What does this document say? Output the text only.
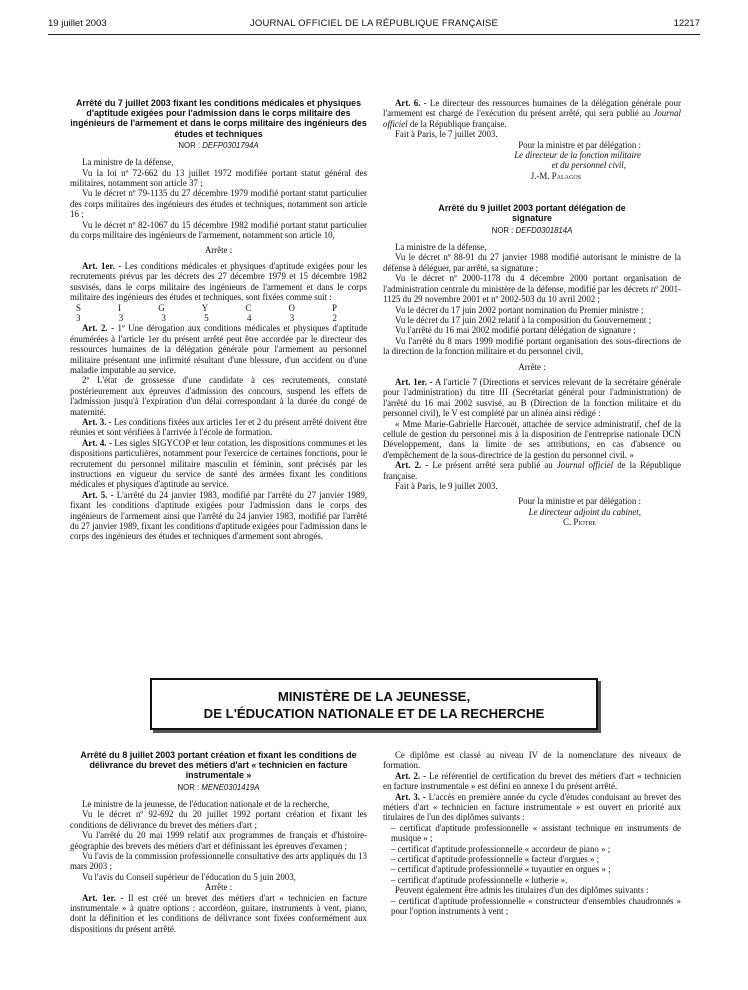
19 juillet 2003	JOURNAL OFFICIEL DE LA RÉPUBLIQUE FRANÇAISE	12217
Arrêté du 7 juillet 2003 fixant les conditions médicales et physiques d'aptitude exigées pour l'admission dans le corps militaire des ingénieurs de l'armement et dans le corps militaire des ingénieurs des études et techniques
NOR : DEFP0301794A

La ministre de la défense,

Vu la loi nº 72-662 du 13 juillet 1972 modifiée portant statut général des militaires, notamment son article 37 ;

Vu le décret nº 79-1135 du 27 décembre 1979 modifié portant statut particulier des corps militaires des ingénieurs des études et techniques, notamment son article 16 ;

Vu le décret nº 82-1067 du 15 décembre 1982 modifié portant statut particulier du corps militaire des ingénieurs de l'armement, notamment son article 10,

Arrête :

Art. 1er. - Les conditions médicales et physiques d'aptitude exigées pour les recrutements prévus par les décrets des 27 décembre 1979 et 15 décembre 1982 susvisés, dans le corps militaire des ingénieurs de l'armement et dans le corps militaire des ingénieurs des études et techniques, sont fixées comme suit :

S	I	G	Y	C	O	P
3	3	3	5	4	3	2

Art. 2. - 1º Une dérogation aux conditions médicales et physiques d'aptitude énumérées à l'article 1er du présent arrêté peut être accordée par le directeur des ressources humaines de la délégation générale pour l'armement au personnel militaire présentant une infirmité résultant d'une blessure, d'un accident ou d'une maladie imputable au service.

2º L'état de grossesse d'une candidate à ces recrutements, constaté postérieurement aux épreuves d'admission des concours, suspend les effets de l'admission jusqu'à l'expiration d'un délai correspondant à la durée du congé de maternité.

Art. 3. - Les conditions fixées aux articles 1er et 2 du présent arrêté doivent être réunies et sont vérifiées à l'arrivée à l'école de formation.

Art. 4. - Les sigles SIGYCOP et leur cotation, les dispositions communes et les dispositions particulières, notamment pour l'exercice de certaines fonctions, pour le recrutement du personnel militaire masculin et féminin, sont précisés par les instructions en vigueur du service de santé des armées fixant les conditions médicales et physiques d'aptitude au service.

Art. 5. - L'arrêté du 24 janvier 1983, modifié par l'arrêté du 27 janvier 1989, fixant les conditions d'aptitude exigées pour l'admission dans le corps des ingénieurs de l'armement ainsi que l'arrêté du 24 janvier 1983, modifié par l'arrêté du 27 janvier 1989, fixant les conditions d'aptitude exigées pour l'admission dans le corps des ingénieurs des études et techniques d'armement sont abrogés.

Art. 6. - Le directeur des ressources humaines de la délégation générale pour l'armement est chargé de l'exécution du présent arrêté, qui sera publié au Journal officiel de la République française.

Fait à Paris, le 7 juillet 2003.

Pour la ministre et par délégation :

Le directeur de la fonction militaire

et du personnel civil,

J.-M. Palagos

Arrêté du 9 juillet 2003 portant délégation de signature
NOR : DEFD0301814A

La ministre de la défense,

Vu le décret nº 88-91 du 27 janvier 1988 modifié autorisant le ministre de la défense à déléguer, par arrêté, sa signature ;

Vu le décret nº 2000-1178 du 4 décembre 2000 portant organisation de l'administration centrale du ministère de la défense, modifié par les décrets nº 2001-1125 du 29 novembre 2001 et nº 2002-503 du 10 avril 2002 ;

Vu le décret du 17 juin 2002 portant nomination du Premier ministre ;

Vu le décret du 17 juin 2002 relatif à la composition du Gouvernement ;

Vu l'arrêté du 16 mai 2002 modifié portant délégation de signature ;

Vu l'arrêté du 8 mars 1999 modifié portant organisation des sous-directions de la direction de la fonction militaire et du personnel civil,

Arrête :

Art. 1er. - A l'article 7 (Directions et services relevant de la secrétaire générale pour l'administration) du titre III (Secrétariat général pour l'administration) de l'arrêté du 16 mai 2002 susvisé, au B (Direction de la fonction militaire et du personnel civil), le V est complété par un alinéa ainsi rédigé :

« Mme Marie-Gabrielle Harcouët, attachée de service administratif, chef de la cellule de gestion du personnel mis à la disposition de l'entreprise nationale DCN Développement, dans la limite de ses attributions, en cas d'absence ou d'empêchement de la sous-directrice de la gestion du personnel civil. »

Art. 2. - Le présent arrêté sera publié au Journal officiel de la République française.

Fait à Paris, le 9 juillet 2003.

Pour la ministre et par délégation :

Le directeur adjoint du cabinet,

C. Piotre

MINISTÈRE DE LA JEUNESSE,
DE L'ÉDUCATION NATIONALE ET DE LA RECHERCHE
Arrêté du 8 juillet 2003 portant création et fixant les conditions de délivrance du brevet des métiers d'art « technicien en facture instrumentale »
NOR : MENE0301419A

Le ministre de la jeunesse, de l'éducation nationale et de la recherche,

Vu le décret nº 92-692 du 20 juillet 1992 portant création et fixant les conditions de délivrance du brevet des métiers d'art ;

Vu l'arrêté du 20 mai 1999 relatif aux programmes de français et d'histoire-géographie des brevets des métiers d'art et définissant les épreuves d'examen ;

Vu l'avis de la commission professionnelle consultative des arts appliqués du 13 mars 2003 ;

Vu l'avis du Conseil supérieur de l'éducation du 5 juin 2003,

Arrête :

Art. 1er. - Il est créé un brevet des métiers d'art « technicien en facture instrumentale » à quatre options : accordéon, guitare, instruments à vent, piano, dont la définition et les conditions de délivrance sont fixées conformément aux dispositions du présent arrêté.

Ce diplôme est classé au niveau IV de la nomenclature des niveaux de formation.

Art. 2. - Le référentiel de certification du brevet des métiers d'art « technicien en facture instrumentale » est défini en annexe I du présent arrêté.

Art. 3. - L'accès en première année du cycle d'études conduisant au brevet des métiers d'art « technicien en facture instrumentale » est ouvert en priorité aux titulaires de l'un des diplômes suivants :

– certificat d'aptitude professionnelle « assistant technique en instruments de musique » ;

– certificat d'aptitude professionnelle « accordeur de piano » ;

– certificat d'aptitude professionnelle « facteur d'orgues » ;

– certificat d'aptitude professionnelle « tuyautier en orgues » ;

– certificat d'aptitude professionnelle « lutherie ».

Peuvent également être admis les titulaires d'un des diplômes suivants :

– certificat d'aptitude professionnelle « constructeur d'ensembles chaudronnés » pour l'option instruments à vent ;
